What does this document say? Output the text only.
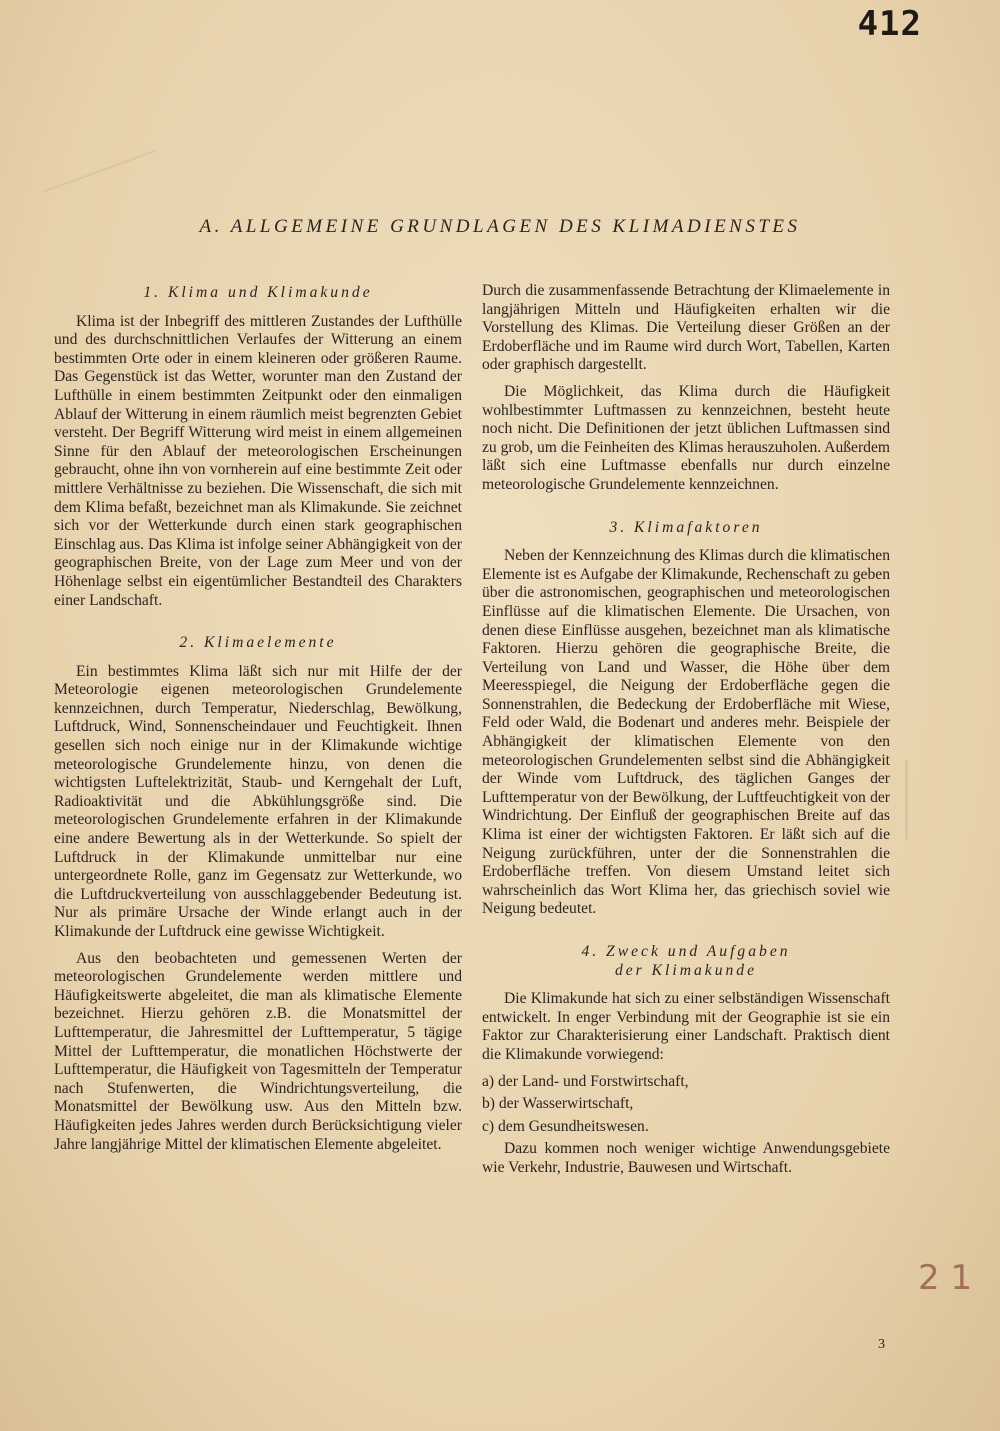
412
A. ALLGEMEINE GRUNDLAGEN DES KLIMADIENSTES
1. Klima und Klimakunde

Klima ist der Inbegriff des mittleren Zustandes der Lufthülle und des durchschnittlichen Verlaufes der Witterung an einem bestimmten Orte oder in einem kleineren oder größeren Raume. Das Gegenstück ist das Wetter, worunter man den Zustand der Lufthülle in einem bestimmten Zeitpunkt oder den einmaligen Ablauf der Witterung in einem räumlich meist begrenzten Gebiet versteht. Der Begriff Witterung wird meist in einem allgemeinen Sinne für den Ablauf der meteorologischen Erscheinungen gebraucht, ohne ihn von vornherein auf eine bestimmte Zeit oder mittlere Verhältnisse zu beziehen. Die Wissenschaft, die sich mit dem Klima befaßt, bezeichnet man als Klimakunde. Sie zeichnet sich vor der Wetterkunde durch einen stark geographischen Einschlag aus. Das Klima ist infolge seiner Abhängigkeit von der geographischen Breite, von der Lage zum Meer und von der Höhenlage selbst ein eigentümlicher Bestandteil des Charakters einer Landschaft.

2. Klimaelemente

Ein bestimmtes Klima läßt sich nur mit Hilfe der der Meteorologie eigenen meteorologischen Grundelemente kennzeichnen, durch Temperatur, Niederschlag, Bewölkung, Luftdruck, Wind, Sonnenscheindauer und Feuchtigkeit. Ihnen gesellen sich noch einige nur in der Klimakunde wichtige meteorologische Grundelemente hinzu, von denen die wichtigsten Luftelektrizität, Staub- und Kerngehalt der Luft, Radioaktivität und die Abkühlungsgröße sind. Die meteorologischen Grundelemente erfahren in der Klimakunde eine andere Bewertung als in der Wetterkunde. So spielt der Luftdruck in der Klimakunde unmittelbar nur eine untergeordnete Rolle, ganz im Gegensatz zur Wetterkunde, wo die Luftdruckverteilung von ausschlaggebender Bedeutung ist. Nur als primäre Ursache der Winde erlangt auch in der Klimakunde der Luftdruck eine gewisse Wichtigkeit.

Aus den beobachteten und gemessenen Werten der meteorologischen Grundelemente werden mittlere und Häufigkeitswerte abgeleitet, die man als klimatische Elemente bezeichnet. Hierzu gehören z.B. die Monatsmittel der Lufttemperatur, die Jahresmittel der Lufttemperatur, 5 tägige Mittel der Lufttemperatur, die monatlichen Höchstwerte der Lufttemperatur, die Häufigkeit von Tagesmitteln der Temperatur nach Stufenwerten, die Windrichtungsverteilung, die Monatsmittel der Bewölkung usw. Aus den Mitteln bzw. Häufigkeiten jedes Jahres werden durch Berücksichtigung vieler Jahre langjährige Mittel der klimatischen Elemente abgeleitet.

Durch die zusammenfassende Betrachtung der Klimaelemente in langjährigen Mitteln und Häufigkeiten erhalten wir die Vorstellung des Klimas. Die Verteilung dieser Größen an der Erdoberfläche und im Raume wird durch Wort, Tabellen, Karten oder graphisch dargestellt.

Die Möglichkeit, das Klima durch die Häufigkeit wohlbestimmter Luftmassen zu kennzeichnen, besteht heute noch nicht. Die Definitionen der jetzt üblichen Luftmassen sind zu grob, um die Feinheiten des Klimas herauszuholen. Außerdem läßt sich eine Luftmasse ebenfalls nur durch einzelne meteorologische Grundelemente kennzeichnen.

3. Klimafaktoren

Neben der Kennzeichnung des Klimas durch die klimatischen Elemente ist es Aufgabe der Klimakunde, Rechenschaft zu geben über die astronomischen, geographischen und meteorologischen Einflüsse auf die klimatischen Elemente. Die Ursachen, von denen diese Einflüsse ausgehen, bezeichnet man als klimatische Faktoren. Hierzu gehören die geographische Breite, die Verteilung von Land und Wasser, die Höhe über dem Meeresspiegel, die Neigung der Erdoberfläche gegen die Sonnenstrahlen, die Bedeckung der Erdoberfläche mit Wiese, Feld oder Wald, die Bodenart und anderes mehr. Beispiele der Abhängigkeit der klimatischen Elemente von den meteorologischen Grundelementen selbst sind die Abhängigkeit der Winde vom Luftdruck, des täglichen Ganges der Lufttemperatur von der Bewölkung, der Luftfeuchtigkeit von der Windrichtung. Der Einfluß der geographischen Breite auf das Klima ist einer der wichtigsten Faktoren. Er läßt sich auf die Neigung zurückführen, unter der die Sonnenstrahlen die Erdoberfläche treffen. Von diesem Umstand leitet sich wahrscheinlich das Wort Klima her, das griechisch soviel wie Neigung bedeutet.

4. Zweck und Aufgaben
der Klimakunde

Die Klimakunde hat sich zu einer selbständigen Wissenschaft entwickelt. In enger Verbindung mit der Geographie ist sie ein Faktor zur Charakterisierung einer Landschaft. Praktisch dient die Klimakunde vorwiegend:

a) der Land- und Forstwirtschaft,
b) der Wasserwirtschaft,
c) dem Gesundheitswesen.

Dazu kommen noch weniger wichtige Anwendungsgebiete wie Verkehr, Industrie, Bauwesen und Wirtschaft.

2 1
3
